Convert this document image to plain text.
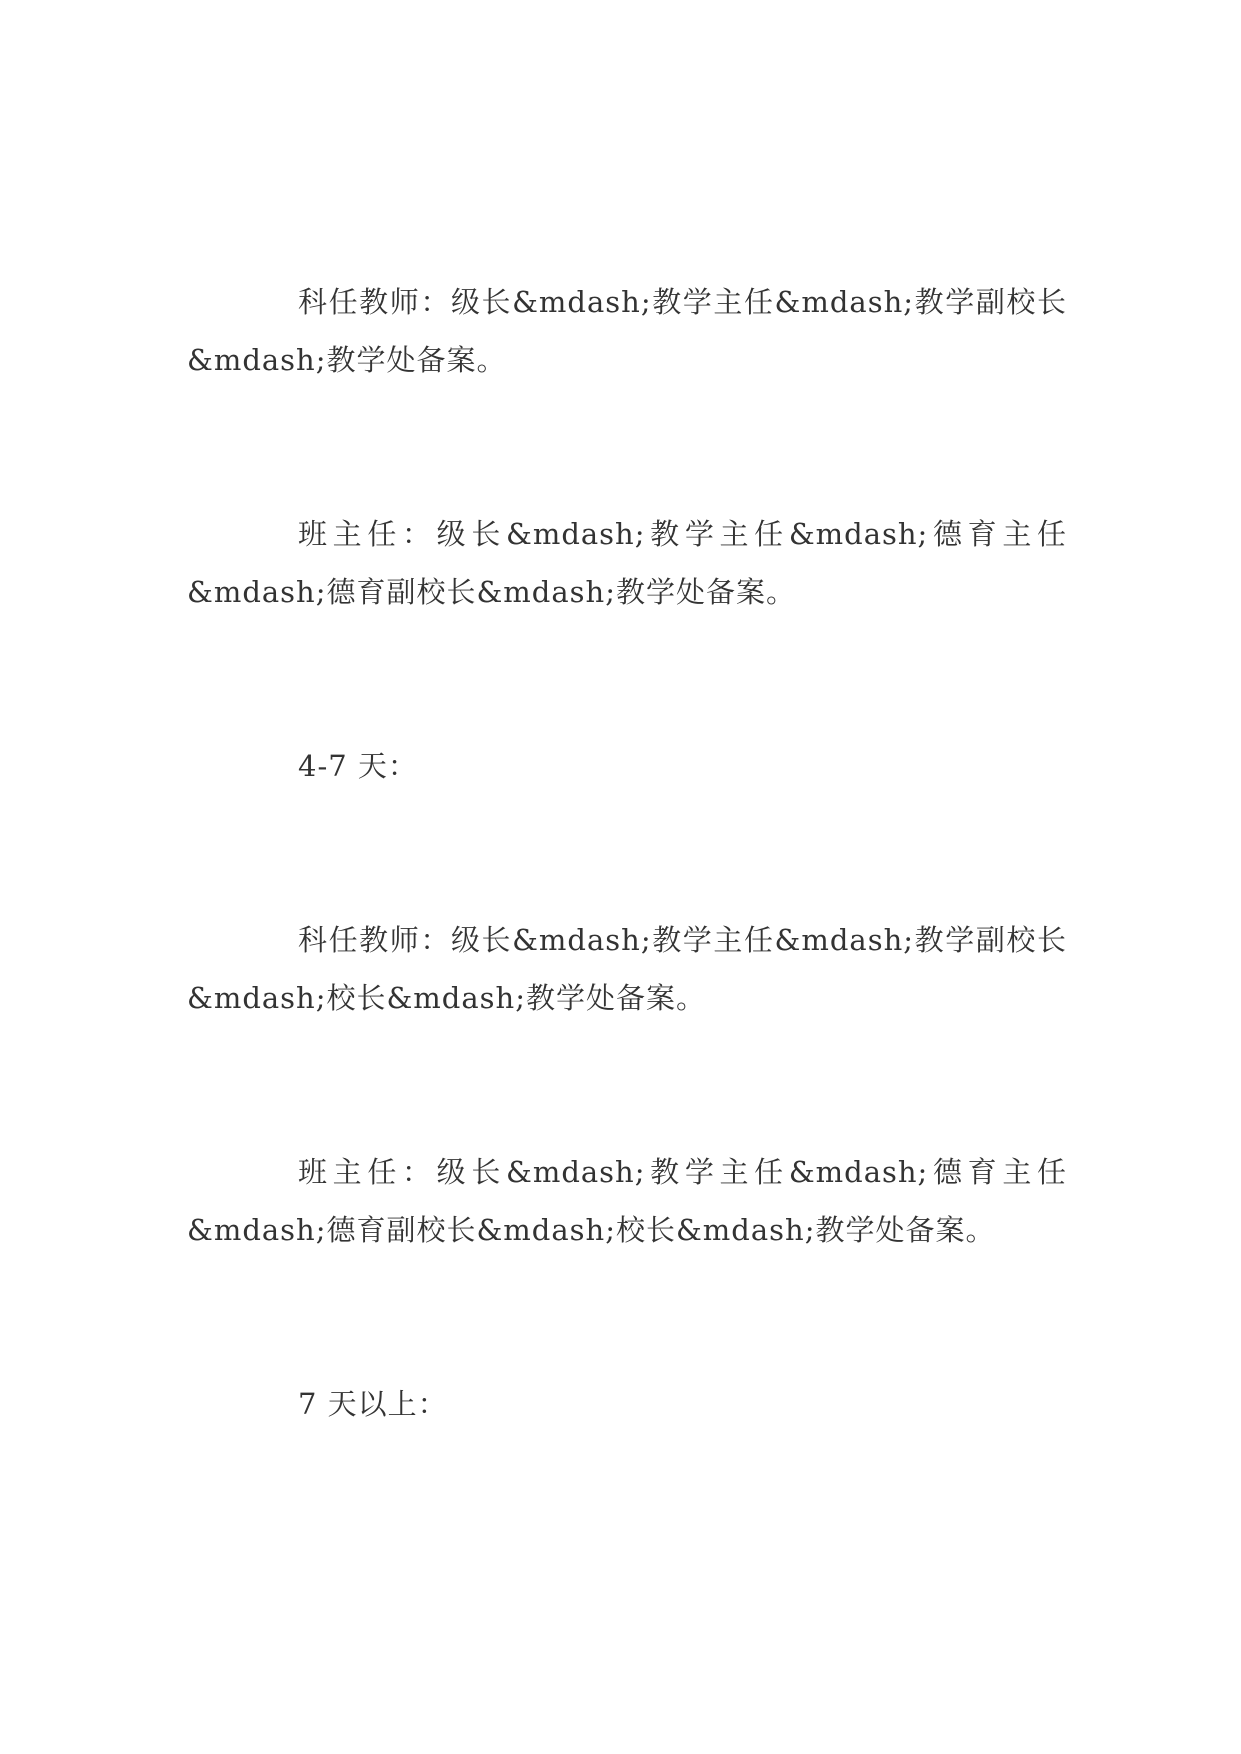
科任教师：级长&mdash;教学主任&mdash;教学副校长
&mdash;教学处备案。
班主任：级长&mdash;教学主任&mdash;德育主任
&mdash;德育副校长&mdash;教学处备案。
4-7 天：
科任教师：级长&mdash;教学主任&mdash;教学副校长
&mdash;校长&mdash;教学处备案。
班主任：级长&mdash;教学主任&mdash;德育主任
&mdash;德育副校长&mdash;校长&mdash;教学处备案。
7 天以上：
